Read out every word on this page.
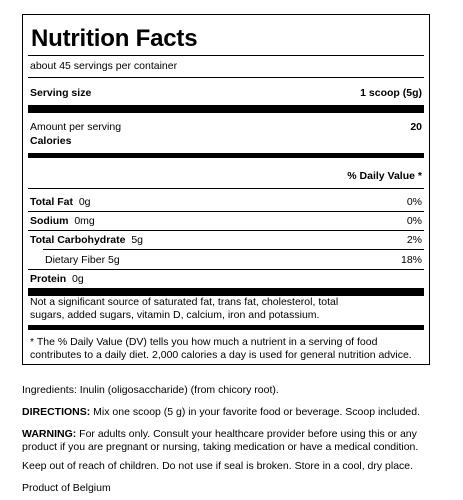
Nutrition Facts
about 45 servings per container
Serving size	1 scoop (5g)
Amount per serving	20
Calories
% Daily Value *
Total Fat 0g	0%
Sodium 0mg	0%
Total Carbohydrate 5g	2%
Dietary Fiber 5g	18%
Protein 0g
Not a significant source of saturated fat, trans fat, cholesterol, total
sugars, added sugars, vitamin D, calcium, iron and potassium.
* The % Daily Value (DV) tells you how much a nutrient in a serving of food
contributes to a daily diet. 2,000 calories a day is used for general nutrition advice.
Ingredients: Inulin (oligosaccharide) (from chicory root).
DIRECTIONS: Mix one scoop (5 g) in your favorite food or beverage. Scoop included.
WARNING: For adults only. Consult your healthcare provider before using this or any
product if you are pregnant or nursing, taking medication or have a medical condition.
Keep out of reach of children. Do not use if seal is broken. Store in a cool, dry place.
Product of Belgium
